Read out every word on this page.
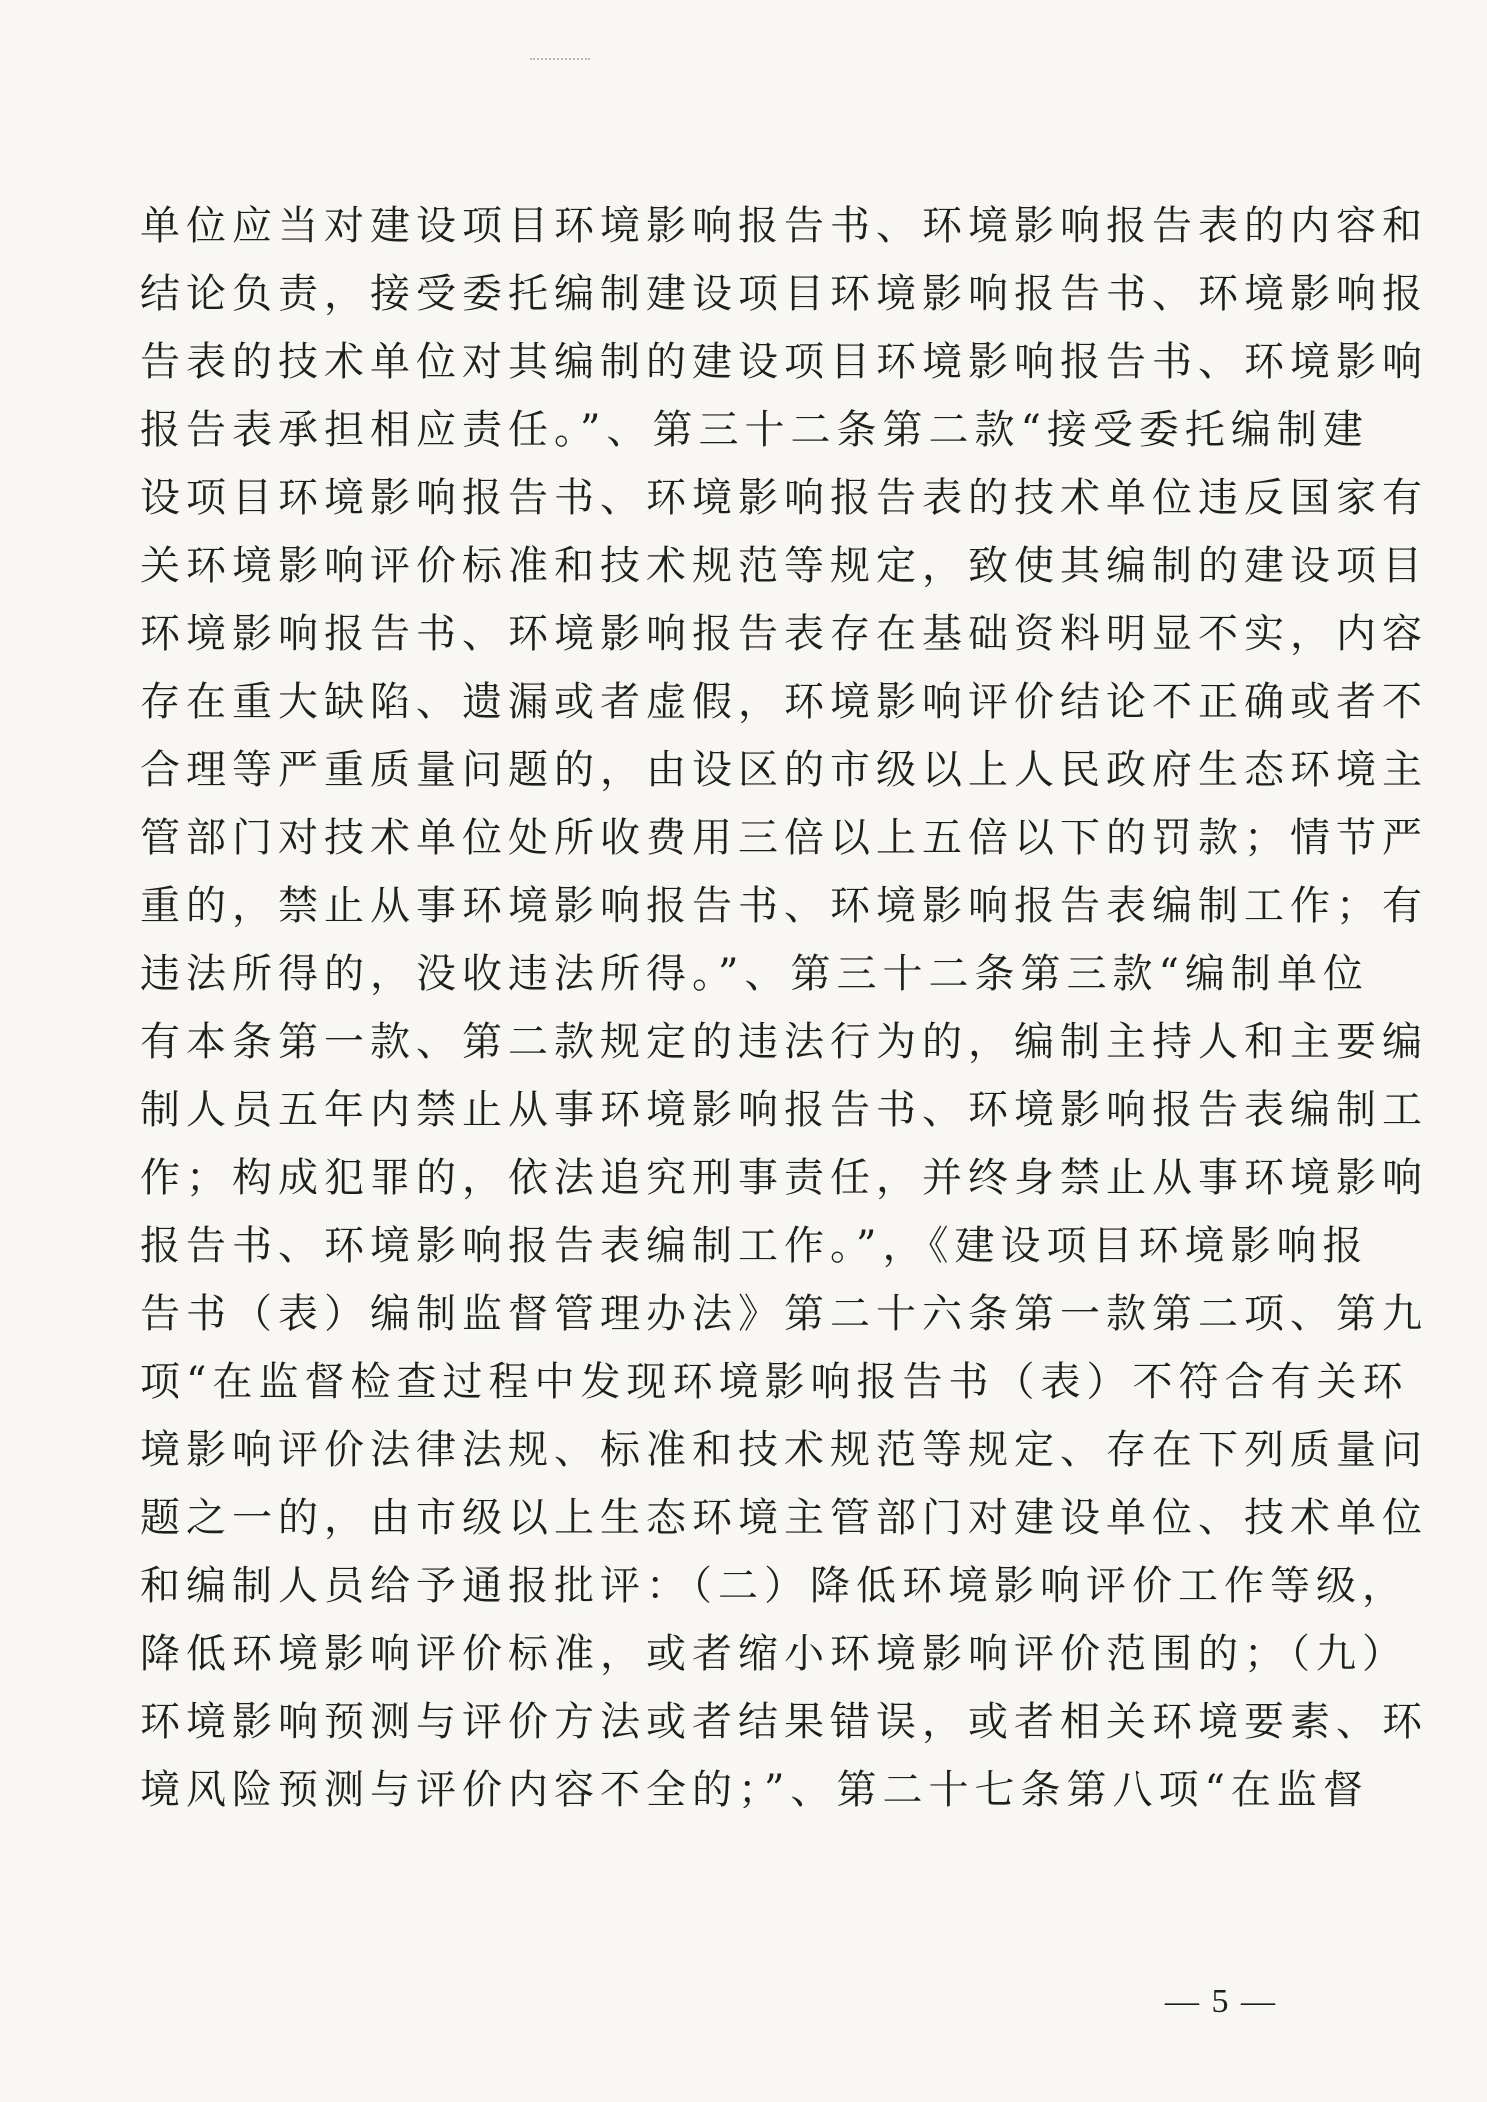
单位应当对建设项目环境影响报告书、环境影响报告表的内容和
结论负责，接受委托编制建设项目环境影响报告书、环境影响报
告表的技术单位对其编制的建设项目环境影响报告书、环境影响
报告表承担相应责任。”、第三十二条第二款“接受委托编制建
设项目环境影响报告书、环境影响报告表的技术单位违反国家有
关环境影响评价标准和技术规范等规定，致使其编制的建设项目
环境影响报告书、环境影响报告表存在基础资料明显不实，内容
存在重大缺陷、遗漏或者虚假，环境影响评价结论不正确或者不
合理等严重质量问题的，由设区的市级以上人民政府生态环境主
管部门对技术单位处所收费用三倍以上五倍以下的罚款；情节严
重的，禁止从事环境影响报告书、环境影响报告表编制工作；有
违法所得的，没收违法所得。”、第三十二条第三款“编制单位
有本条第一款、第二款规定的违法行为的，编制主持人和主要编
制人员五年内禁止从事环境影响报告书、环境影响报告表编制工
作；构成犯罪的，依法追究刑事责任，并终身禁止从事环境影响
报告书、环境影响报告表编制工作。”，《建设项目环境影响报
告书（表）编制监督管理办法》第二十六条第一款第二项、第九
项“在监督检查过程中发现环境影响报告书（表）不符合有关环
境影响评价法律法规、标准和技术规范等规定、存在下列质量问
题之一的，由市级以上生态环境主管部门对建设单位、技术单位
和编制人员给予通报批评：（二）降低环境影响评价工作等级，
降低环境影响评价标准，或者缩小环境影响评价范围的；（九）
环境影响预测与评价方法或者结果错误，或者相关环境要素、环
境风险预测与评价内容不全的；”、第二十七条第八项“在监督
— 5 —
